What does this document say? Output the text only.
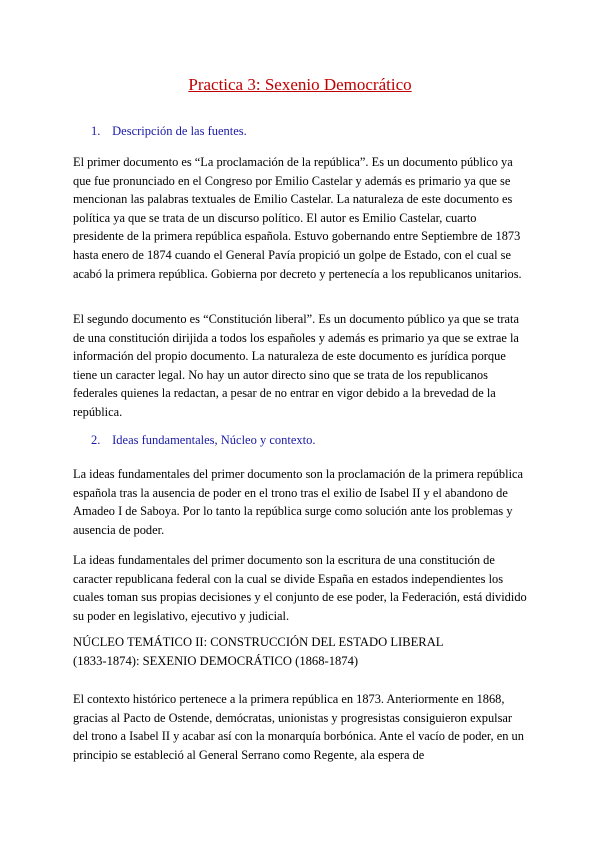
Practica 3: Sexenio Democrático
1. Descripción de las fuentes.

El primer documento es “La proclamación de la república”. Es un documento público ya que fue pronunciado en el Congreso por Emilio Castelar y además es primario ya que se mencionan las palabras textuales de Emilio Castelar. La naturaleza de este documento es política ya que se trata de un discurso político. El autor es Emilio Castelar, cuarto presidente de la primera república española. Estuvo gobernando entre Septiembre de 1873 hasta enero de 1874 cuando el General Pavía propició un golpe de Estado, con el cual se acabó la primera república. Gobierna por decreto y pertenecía a los republicanos unitarios.

El segundo documento es “Constitución liberal”. Es un documento público ya que se trata de una constitución dirijida a todos los españoles y además es primario ya que se extrae la información del propio documento. La naturaleza de este documento es jurídica porque tiene un caracter legal. No hay un autor directo sino que se trata de los republicanos federales quienes la redactan, a pesar de no entrar en vigor debido a la brevedad de la república.

2. Ideas fundamentales, Núcleo y contexto.

La ideas fundamentales del primer documento son la proclamación de la primera república española tras la ausencia de poder en el trono tras el exilio de Isabel II y el abandono de Amadeo I de Saboya. Por lo tanto la república surge como solución ante los problemas y ausencia de poder.

La ideas fundamentales del primer documento son la escritura de una constitución de caracter republicana federal con la cual se divide España en estados independientes los cuales toman sus propias decisiones y el conjunto de ese poder, la Federación, está dividido su poder en legislativo, ejecutivo y judicial.

NÚCLEO TEMÁTICO II: CONSTRUCCIÓN DEL ESTADO LIBERAL
(1833-1874): SEXENIO DEMOCRÁTICO (1868-1874)

El contexto histórico pertenece a la primera república en 1873. Anteriormente en 1868, gracias al Pacto de Ostende, demócratas, unionistas y progresistas consiguieron expulsar del trono a Isabel II y acabar así con la monarquía borbónica. Ante el vacío de poder, en un principio se estableció al General Serrano como Regente, ala espera de
